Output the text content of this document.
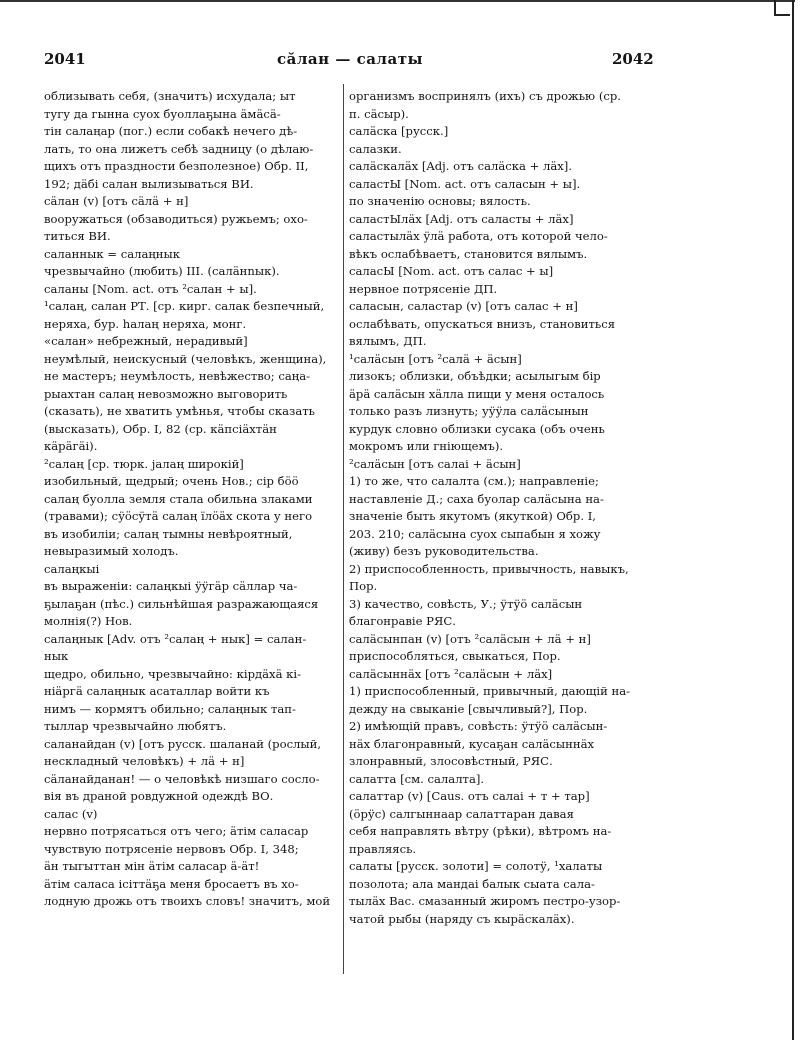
2041	сӑлан — салаты	2042
облизывать себя, (значитъ) исхудала; ыт
тугу да гынна суох буоллаҕына ӓмӓсӓ-
тін салаңар (пог.) если собакѣ нечего дѣ-
лать, то она лижетъ себѣ задницу (о дѣлаю-
щихъ отъ праздности безполезное) Обр. II,
192; дӓбі салан вылизываться ВИ.
сӓлан (v) [отъ сӓлӓ + н]
вооружаться (обзаводиться) ружьемъ; охо-
титься ВИ.
саланнык = салаңнык
чрезвычайно (любить) III. (салӓнnык).
саланы [Nom. act. отъ ²салан + ы].
¹салаң, салан РТ. [ср. кирг. салак безпечный,
неряха, бур. һалаң неряха, монг.
«салан» небрежный, нерадивый]
неумѣлый, неискусный (человѣкъ, женщина),
не мастеръ; неумѣлость, невѣжество; саңа-
рыахтан салаң невозможно выговорить
(сказать), не хватить умѣнья, чтобы сказать
(высказать), Обр. I, 82 (ср. кӓпсіӓхтӓн
кӓрӓгӓі).
²салаң [ср. тюрк. jалаң широкій]
изобильный, щедрый; очень Нов.; сір бӧӧ
салаң буолла земля стала обильна злаками
(травами); сӱӧсӱтӓ салаң їлӧӓх скота у него
въ изобиліи; салаң тымны невѣроятный,
невыразимый холодъ.
салаңкыі
въ выраженіи: салаңкыі ӱӱгӓр сӓллар ча-
ҕылаҕан (пѣс.) сильнѣйшая разражающаяся
молнія(?) Нов.
салаңнык [Adv. отъ ²салаң + нык] = салан-
нык
щедро, обильно, чрезвычайно: кірдӓхӓ кі-
ніӓргӓ салаңнык асаталлар войти къ
нимъ — кормятъ обильно; салаңнык тап-
тыллар чрезвычайно любятъ.
саланайдан (v) [отъ русск. шаланай (рослый,
нескладный человѣкъ) + лӓ + н]
сӓланайданан! — о человѣкѣ низшаго сосло-
вія въ драной ровдужной одеждѣ ВО.
салас (v)
нервно потрясаться отъ чего; ӓтім саласар
чувствую потрясеніе нервовъ Обр. I, 348;
ӓн тыгыттан мін ӓтім салаcар ӓ-ӓт!
ӓтім саласа ісіттӓҕа меня бросаетъ въ хо-
лодную дрожь отъ твоихъ словъ! значитъ, мой
организмъ воспринялъ (ихъ) съ дрожью (ср.
п. сӓсыр).
салӓска [русск.]
салазки.
салӓскалӓх [Adj. отъ салӓска + лӓх].
саластЫ [Nom. act. отъ саласын + ы].
по значенію основы; вялость.
саластЫлӓх [Adj. отъ саласты + лӓх]
саластылӓх ӱлӓ работа, отъ которой чело-
вѣкъ ослабѣваетъ, становится вялымъ.
саласЫ [Nom. act. отъ салас + ы]
нервное потрясеніе ДП.
саласын, саластар (v) [отъ салас + н]
ослабѣвать, опускаться внизъ, становиться
вялымъ, ДП.
¹салӓсын [отъ ²салӓ + ӓсын]
лизокъ; облизки, объѣдки; асылыгым бір
ӓрӓ салӓсын хӓлла пищи у меня осталось
только разъ лизнуть; уӱӱла салӓсынын
курдук словно облизки сусака (объ очень
мокромъ или гніющемъ).
²салӓсын [отъ салаі + ӓсын]
1) то же, что салалта (см.); направленіе;
наставленіе Д.; саха буолар салӓсына на-
значеніе быть якутомъ (якуткой) Обр. I,
203. 210; салӓсына суох сыпабын я хожу
(живу) безъ руководительства.
2) приспособленность, привычность, навыкъ,
Пор.
3) качество, совѣсть, У.; ӱтӱӧ салӓсын
благонравіе РЯС.
салӓсынпан (v) [отъ ²салӓсын + лӓ + н]
приспособляться, свыкаться, Пор.
салӓсыннӓх [отъ ²салӓсын + лӓх]
1) приспособленный, привычный, дающій на-
дежду на свыканіе [свычливый?], Пор.
2) имѣющій правъ, совѣсть: ӱтӱӧ салӓсын-
нӓх благонравный, кусаҕан салӓсыннӓх
злонравный, злосовѣстный, РЯС.
салатта [см. салалта].
салаттар (v) [Caus. отъ салаі + т + тар]
(ӧрӱс) салгыннаар салаттаран давая
себя направлять вѣтру (рѣки), вѣтромъ на-
правляясь.
салаты [русск. золоти] = солотӱ, ¹халаты
позолота; ала мандаі балык сыата сала-
тылӓх Вас. смазанный жиромъ пестро-узор-
чатой рыбы (наряду съ кырӓскалӓх).
